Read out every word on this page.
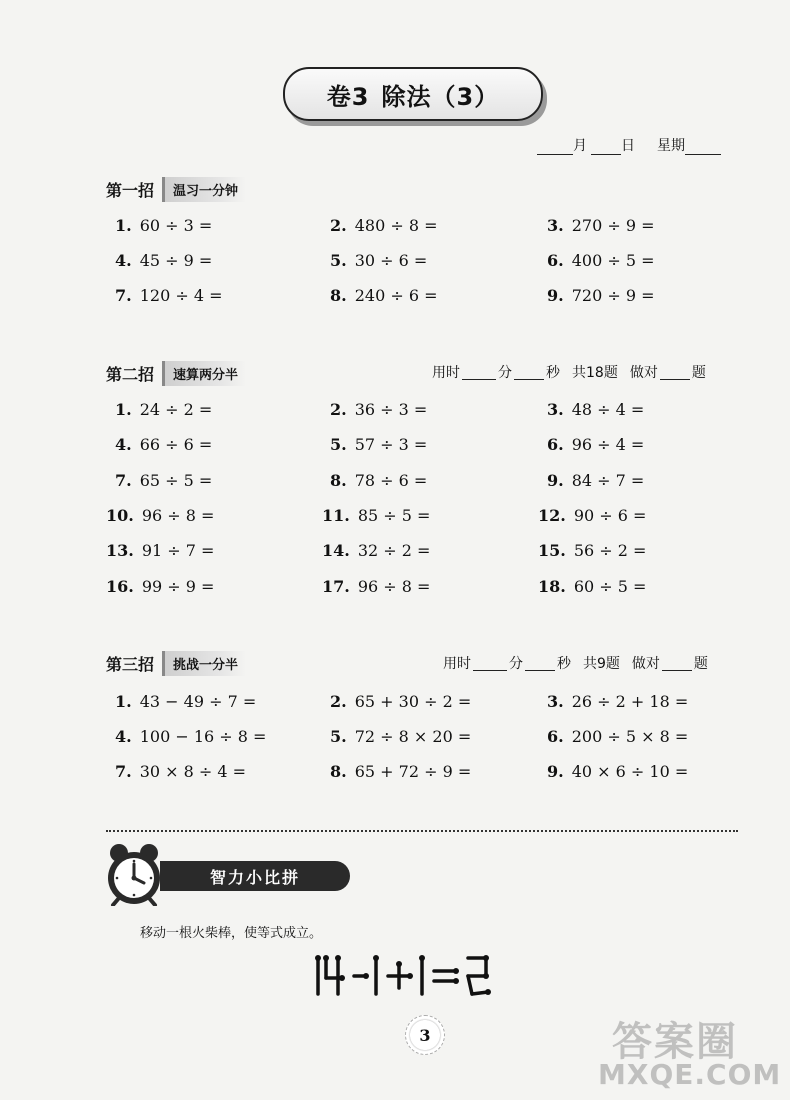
卷3 除法（3）
月 日 星期
第一招	温习一分钟
1. 60 ÷ 3 =	2. 480 ÷ 8 =	3. 270 ÷ 9 =
4. 45 ÷ 9 =	5. 30 ÷ 6 =	6. 400 ÷ 5 =
7. 120 ÷ 4 =	8. 240 ÷ 6 =	9. 720 ÷ 9 =
第二招	速算两分半	用时	分 秒 共18题 做对 题
1. 24 ÷ 2 =	2. 36 ÷ 3 =	3. 48 ÷ 4 =
4. 66 ÷ 6 =	5. 57 ÷ 3 =	6. 96 ÷ 4 =
7. 65 ÷ 5 =	8. 78 ÷ 6 =	9. 84 ÷ 7 =
10. 96 ÷ 8 =	11. 85 ÷ 5 =	12. 90 ÷ 6 =
13. 91 ÷ 7 =	14. 32 ÷ 2 =	15. 56 ÷ 2 =
16. 99 ÷ 9 =	17. 96 ÷ 8 =	18. 60 ÷ 5 =
第三招	挑战一分半	用时	分 秒 共9题 做对 题
1. 43 − 49 ÷ 7 =	2. 65 + 30 ÷ 2 =	3. 26 ÷ 2 + 18 =
4. 100 − 16 ÷ 8 =	5. 72 ÷ 8 × 20 =	6. 200 ÷ 5 × 8 =
7. 30 × 8 ÷ 4 =	8. 65 + 72 ÷ 9 =	9. 40 × 6 ÷ 10 =
智力小比拼
移动一根火柴棒，使等式成立。
3	答案圈
MXQE.COM
